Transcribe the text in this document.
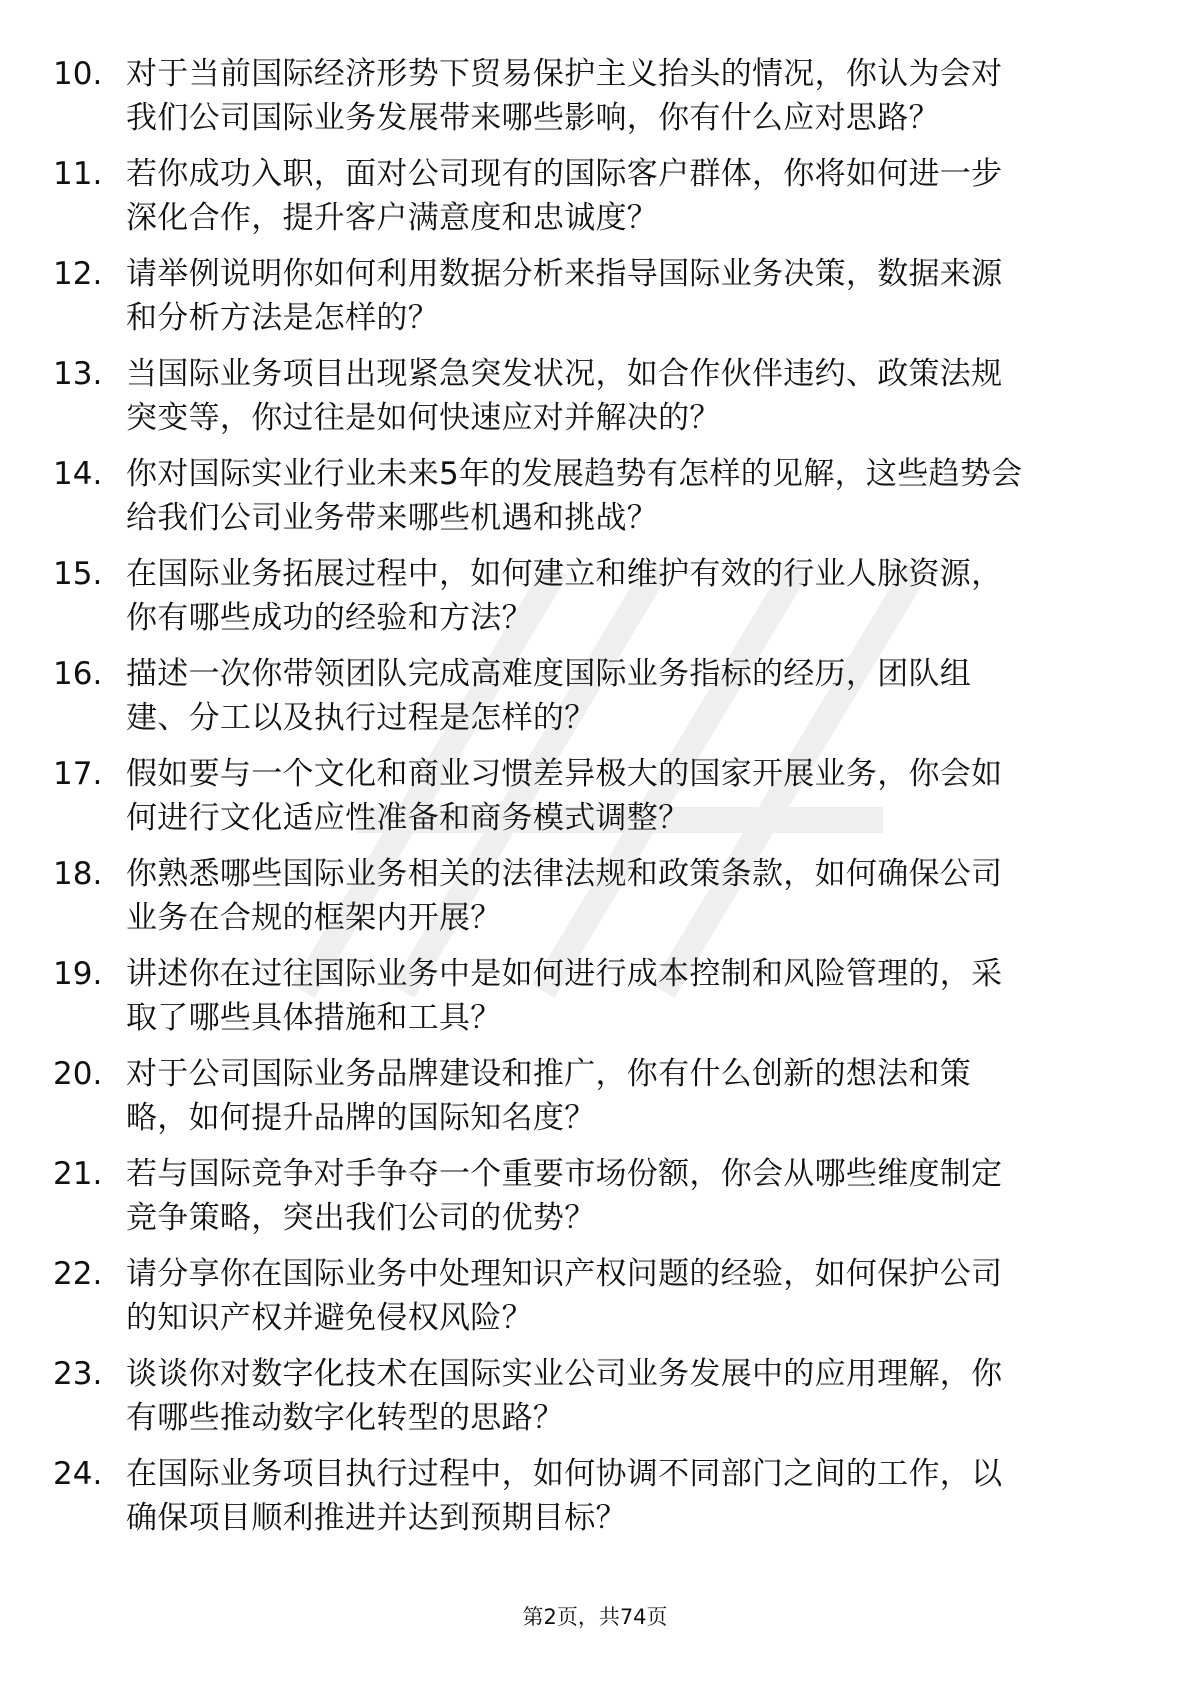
10. 对于当前国际经济形势下贸易保护主义抬头的情况，你认为会对
我们公司国际业务发展带来哪些影响，你有什么应对思路？
11. 若你成功入职，面对公司现有的国际客户群体，你将如何进一步
深化合作，提升客户满意度和忠诚度？
12. 请举例说明你如何利用数据分析来指导国际业务决策，数据来源
和分析方法是怎样的？
13. 当国际业务项目出现紧急突发状况，如合作伙伴违约、政策法规
突变等，你过往是如何快速应对并解决的？
14. 你对国际实业行业未来5年的发展趋势有怎样的见解，这些趋势会
给我们公司业务带来哪些机遇和挑战？
15. 在国际业务拓展过程中，如何建立和维护有效的行业人脉资源，
你有哪些成功的经验和方法？
16. 描述一次你带领团队完成高难度国际业务指标的经历，团队组
建、分工以及执行过程是怎样的？
17. 假如要与一个文化和商业习惯差异极大的国家开展业务，你会如
何进行文化适应性准备和商务模式调整？
18. 你熟悉哪些国际业务相关的法律法规和政策条款，如何确保公司
业务在合规的框架内开展？
19. 讲述你在过往国际业务中是如何进行成本控制和风险管理的，采
取了哪些具体措施和工具？
20. 对于公司国际业务品牌建设和推广，你有什么创新的想法和策
略，如何提升品牌的国际知名度？
21. 若与国际竞争对手争夺一个重要市场份额，你会从哪些维度制定
竞争策略，突出我们公司的优势？
22. 请分享你在国际业务中处理知识产权问题的经验，如何保护公司
的知识产权并避免侵权风险？
23. 谈谈你对数字化技术在国际实业公司业务发展中的应用理解，你
有哪些推动数字化转型的思路？
24. 在国际业务项目执行过程中，如何协调不同部门之间的工作，以
确保项目顺利推进并达到预期目标？
第2页，共74页
